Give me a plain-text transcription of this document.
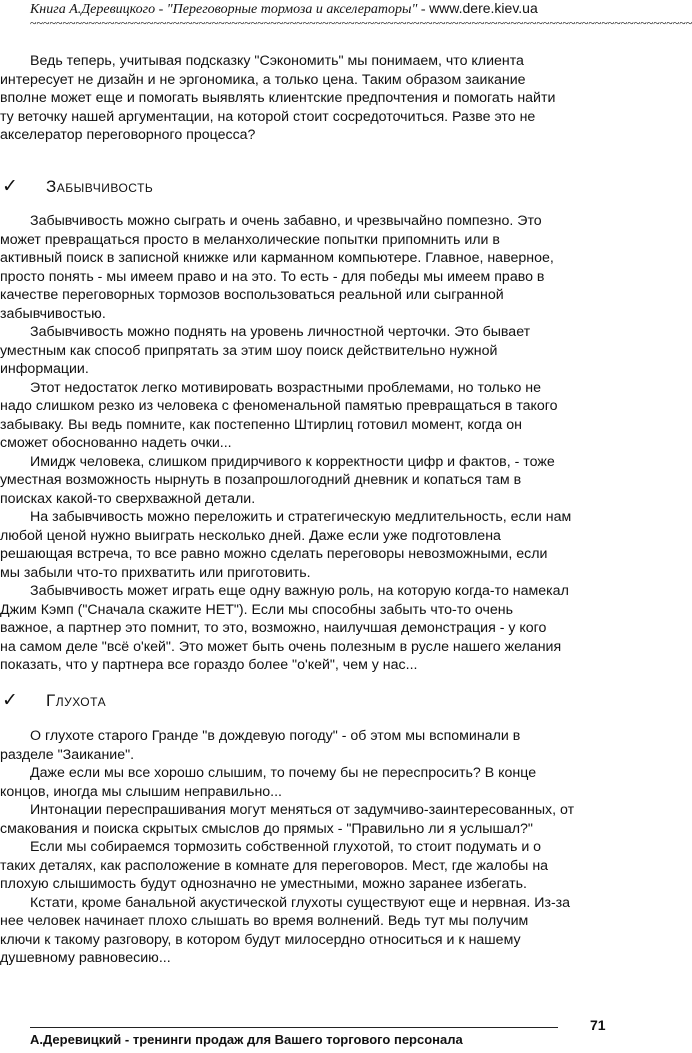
Книга А.Деревицкого - "Переговорные тормоза и акселераторы" - www.dere.kiev.ua
~~~~~~~~~~~~~~~~~~~~~~~~~~~~~~~~~~~~~~~~~~~~~~~~~~~~~~~~~~~~~~~~~~~~~~~~~~~~~~~~~~~~~~~~~~~~~~~~~~~~~~

Ведь теперь, учитывая подсказку "Сэкономить" мы понимаем, что клиента
интересует не дизайн и не эргономика, а только цена. Таким образом заикание
вполне может еще и помогать выявлять клиентские предпочтения и помогать найти
ту веточку нашей аргументации, на которой стоит сосредоточиться. Разве это не
акселератор переговорного процесса?

✓ Забывчивость

Забывчивость можно сыграть и очень забавно, и чрезвычайно помпезно. Это
может превращаться просто в меланхолические попытки припомнить или в
активный поиск в записной книжке или карманном компьютере. Главное, наверное,
просто понять - мы имеем право и на это. То есть - для победы мы имеем право в
качестве переговорных тормозов воспользоваться реальной или сыгранной
забывчивостью.

Забывчивость можно поднять на уровень личностной черточки. Это бывает
уместным как способ припрятать за этим шоу поиск действительно нужной
информации.

Этот недостаток легко мотивировать возрастными проблемами, но только не
надо слишком резко из человека с феноменальной памятью превращаться в такого
забывaку. Вы ведь помните, как постепенно Штирлиц готовил момент, когда он
сможет обоснованно надеть очки...

Имидж человека, слишком придирчивого к корректности цифр и фактов, - тоже
уместная возможность нырнуть в позапрошлогодний дневник и копаться там в
поисках какой-то сверхважной детали.

На забывчивость можно переложить и стратегическую медлительность, если нам
любой ценой нужно выиграть несколько дней. Даже если уже подготовлена
решающая встреча, то все равно можно сделать переговоры невозможными, если
мы забыли что-то прихватить или приготовить.

Забывчивость может играть еще одну важную роль, на которую когда-то намекал
Джим Кэмп ("Сначала скажите НЕТ"). Если мы способны забыть что-то очень
важное, а партнер это помнит, то это, возможно, наилучшая демонстрация - у кого
на самом деле "всё о'кей". Это может быть очень полезным в русле нашего желания
показать, что у партнера все гораздо более "о'кей", чем у нас...

✓ Глухота

О глухоте старого Гранде "в дождевую погоду" - об этом мы вспоминали в
разделе "Заикание".

Даже если мы все хорошо слышим, то почему бы не переспросить? В конце
концов, иногда мы слышим неправильно...

Интонации переспрашивания могут меняться от задумчиво-заинтересованных, от
смакования и поиска скрытых смыслов до прямых - "Правильно ли я услышал?"

Если мы собираемся тормозить собственной глухотой, то стоит подумать и о
таких деталях, как расположение в комнате для переговоров. Мест, где жалобы на
плохую слышимость будут однозначно не уместными, можно заранее избегать.

Кстати, кроме банальной акустической глухоты существуют еще и нервная. Из-за
нее человек начинает плохо слышать во время волнений. Ведь тут мы получим
ключи к такому разговору, в котором будут милосердно относиться и к нашему
душевному равновесию...

71
А.Деревицкий - тренинги продаж для Вашего торгового персонала
